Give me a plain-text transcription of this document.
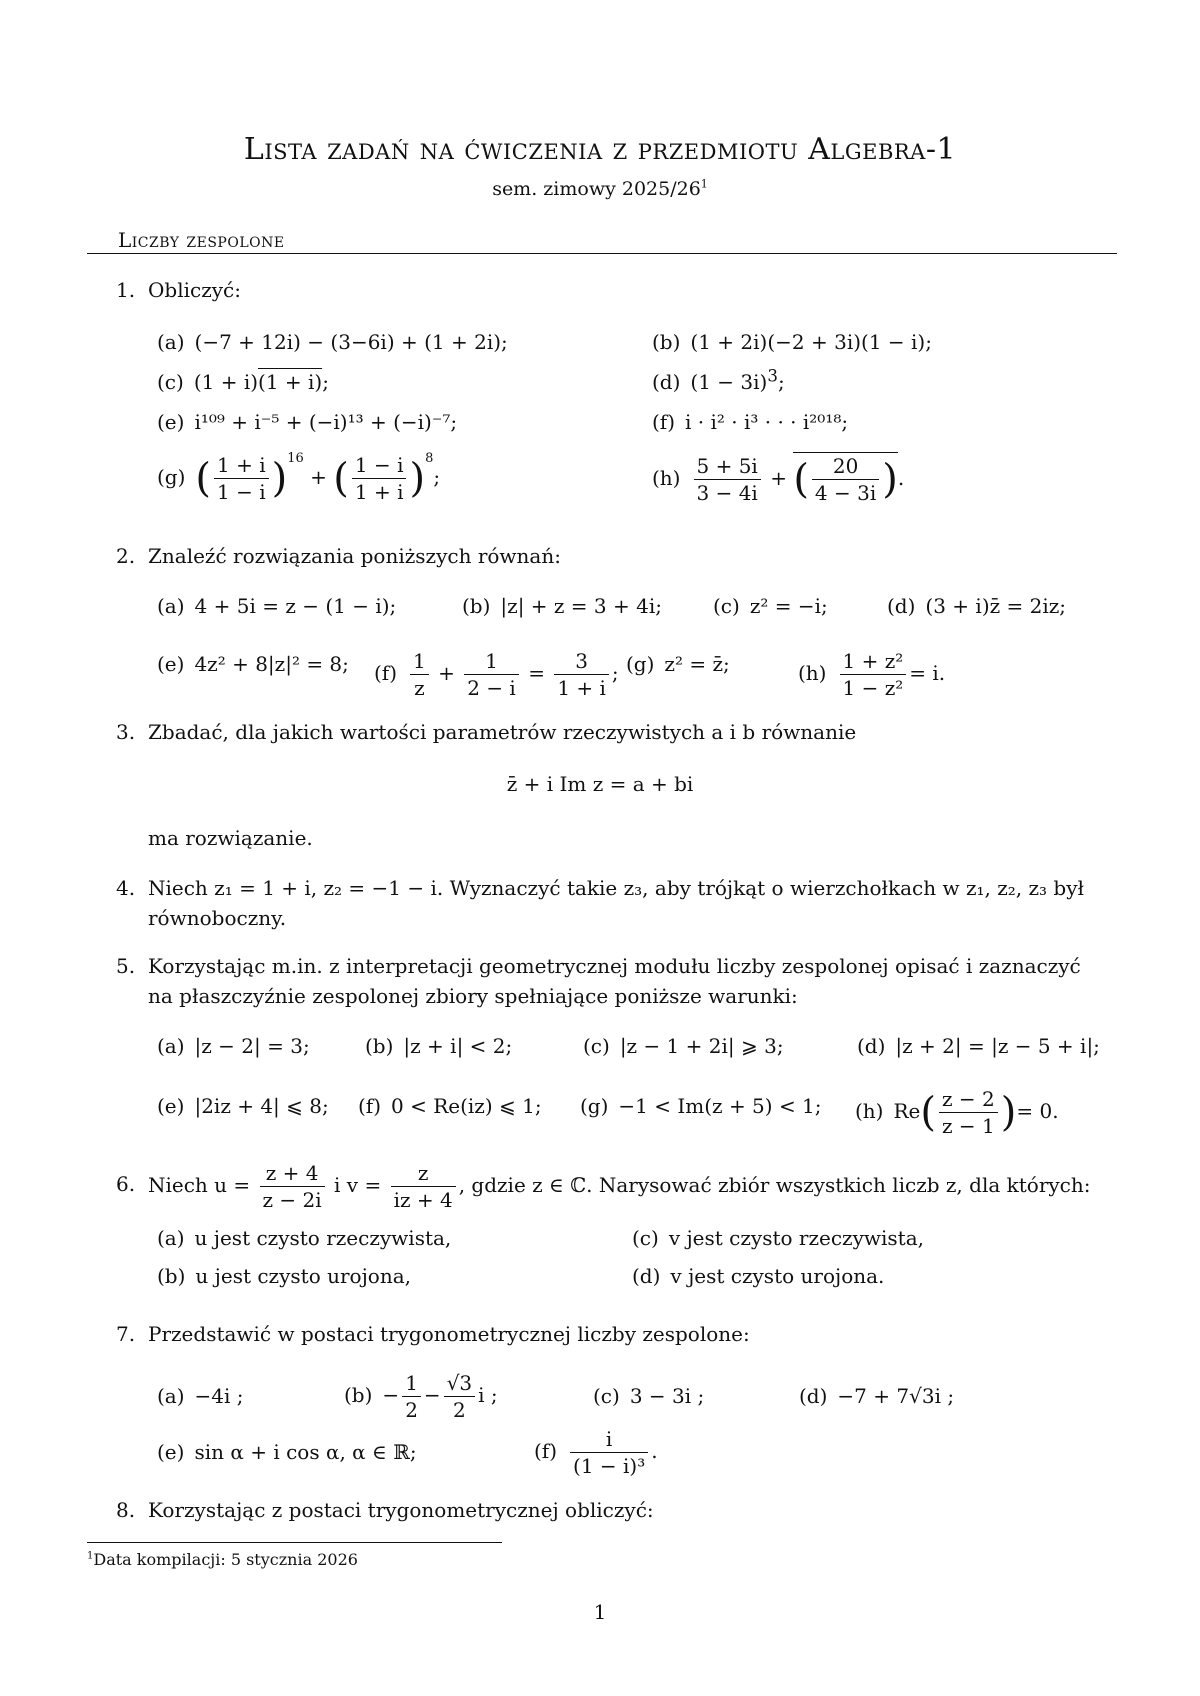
Lista zadań na ćwiczenia z przedmiotu Algebra-1
sem. zimowy $2025/26^1$
Liczby zespolone
1. Obliczyć:
(a) (−7 + 12i) − (3−6i) + (1 + 2i);	(b) (1 + 2i)(−2 + 3i)(1 − i);
(c) (1 + i)(1 + i);	(d) $(1 - 3i)^3$;
(e) i¹⁰⁹ + i⁻⁵ + (−i)¹³ + (−i)⁻⁷;	(f) i · i² · i³ · · · i²⁰¹⁸;
(g) ( $\frac{1 + i}{1 - i} )^{16}$ + ( $\frac{1 - i}{1 + i} )^8$;	$(h) \frac{5 + 5i}{3 - 4i}$ + ( $\frac{20}{4 - 3i}$ ).
2. Znaleźć rozwiązania poniższych równań:
(a) 4 + 5i = z − (1 − i);	(b) |z| + z = 3 + 4i;	(c) z² = −i;	(d) (3 + i)z̄ = 2iz;
(e) 4z² + 8|z|² = 8; $(f) \frac{1}{z} + \frac{1}{2 - i} = \frac{3}{1 + i}$ ; (g) z² = z̄;	$(h) \frac{\text{1 + z²}}{\text{1 − z²}} = i$.
3. Zbadać, dla jakich wartości parametrów rzeczywistych a i b równanie
z̄ + i Im z = a + bi
ma rozwiązanie.
4. Niech z₁ = 1 + i, z₂ = −1 − i. Wyznaczyć takie z₃, aby trójkąt o wierzchołkach w z₁, z₂, z₃ był
równoboczny.
5. Korzystając m.in. z interpretacji geometrycznej modułu liczby zespolonej opisać i zaznaczyć
na płaszczyźnie zespolonej zbiory spełniające poniższe warunki:
(a) |z − 2| = 3;	(b) |z + i| < 2;	(c) |z − 1 + 2i| ⩾ 3;	(d) |z + 2| = |z − 5 + i|;
(e) |2iz + 4| ⩽ 8; (f) 0 < Re(iz) ⩽ 1; (g) −1 < Im(z + 5) < 1; (h) $Re( \frac{z - 2}{z - 1}$ )= 0.
6. Niech $u = \frac{z + 4}{z - 2i}$ i $v = \frac{z}{iz + 4}$ , gdzie z ∈ ℂ. Narysować zbiór wszystkich liczb z, dla których:
(a) u jest czysto rzeczywista,	(c) v jest czysto rzeczywista,
(b) u jest czysto urojona,	(d) v jest czysto urojona.
7. Przedstawić w postaci trygonometrycznej liczby zespolone:
(a) −4i ;	$(b) - \frac{1}{2} - \frac{√3}{2}$ i ;	(c) 3 − 3i ;	(d) −7 + 7√3i ;
(e) sin α + i cos α, α ∈ ℝ;	$(f) \frac{i}{\text{(1 − i)³}}$ .
8. Korzystając z postaci trygonometrycznej obliczyć:
$^1$Data kompilacji: 5 stycznia 2026
1
